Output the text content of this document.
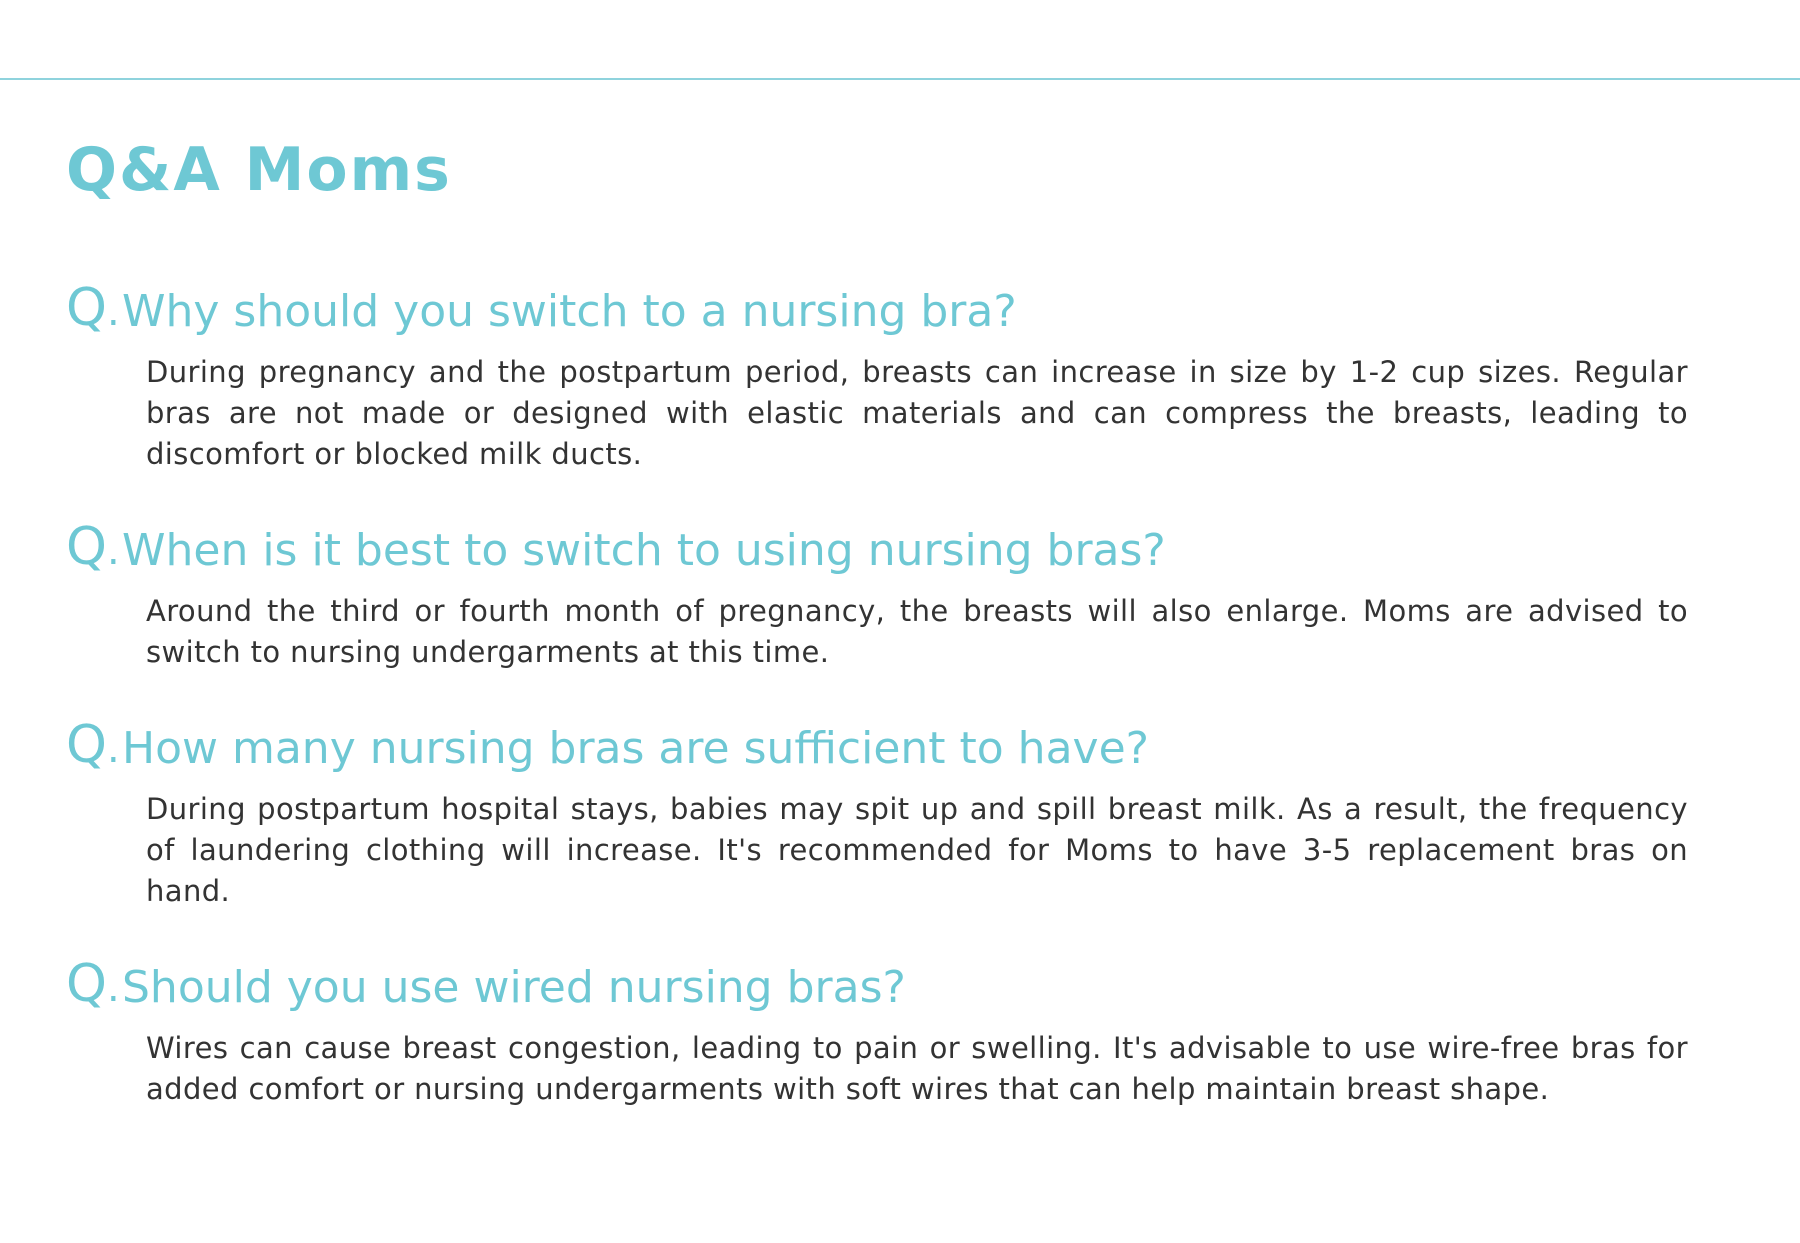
Q&A Moms
Q. Why should you switch to a nursing bra?

During pregnancy and the postpartum period, breasts can increase in size by 1-2 cup sizes. Regular bras are not made or designed with elastic materials and can compress the breasts, leading to discomfort or blocked milk ducts.

Q. When is it best to switch to using nursing bras?

Around the third or fourth month of pregnancy, the breasts will also enlarge. Moms are advised to switch to nursing undergarments at this time.

Q. How many nursing bras are sufficient to have?

During postpartum hospital stays, babies may spit up and spill breast milk. As a result, the frequency of laundering clothing will increase. It's recommended for Moms to have 3-5 replacement bras on hand.

Q. Should you use wired nursing bras?

Wires can cause breast congestion, leading to pain or swelling. It's advisable to use wire-free bras for added comfort or nursing undergarments with soft wires that can help maintain breast shape.
